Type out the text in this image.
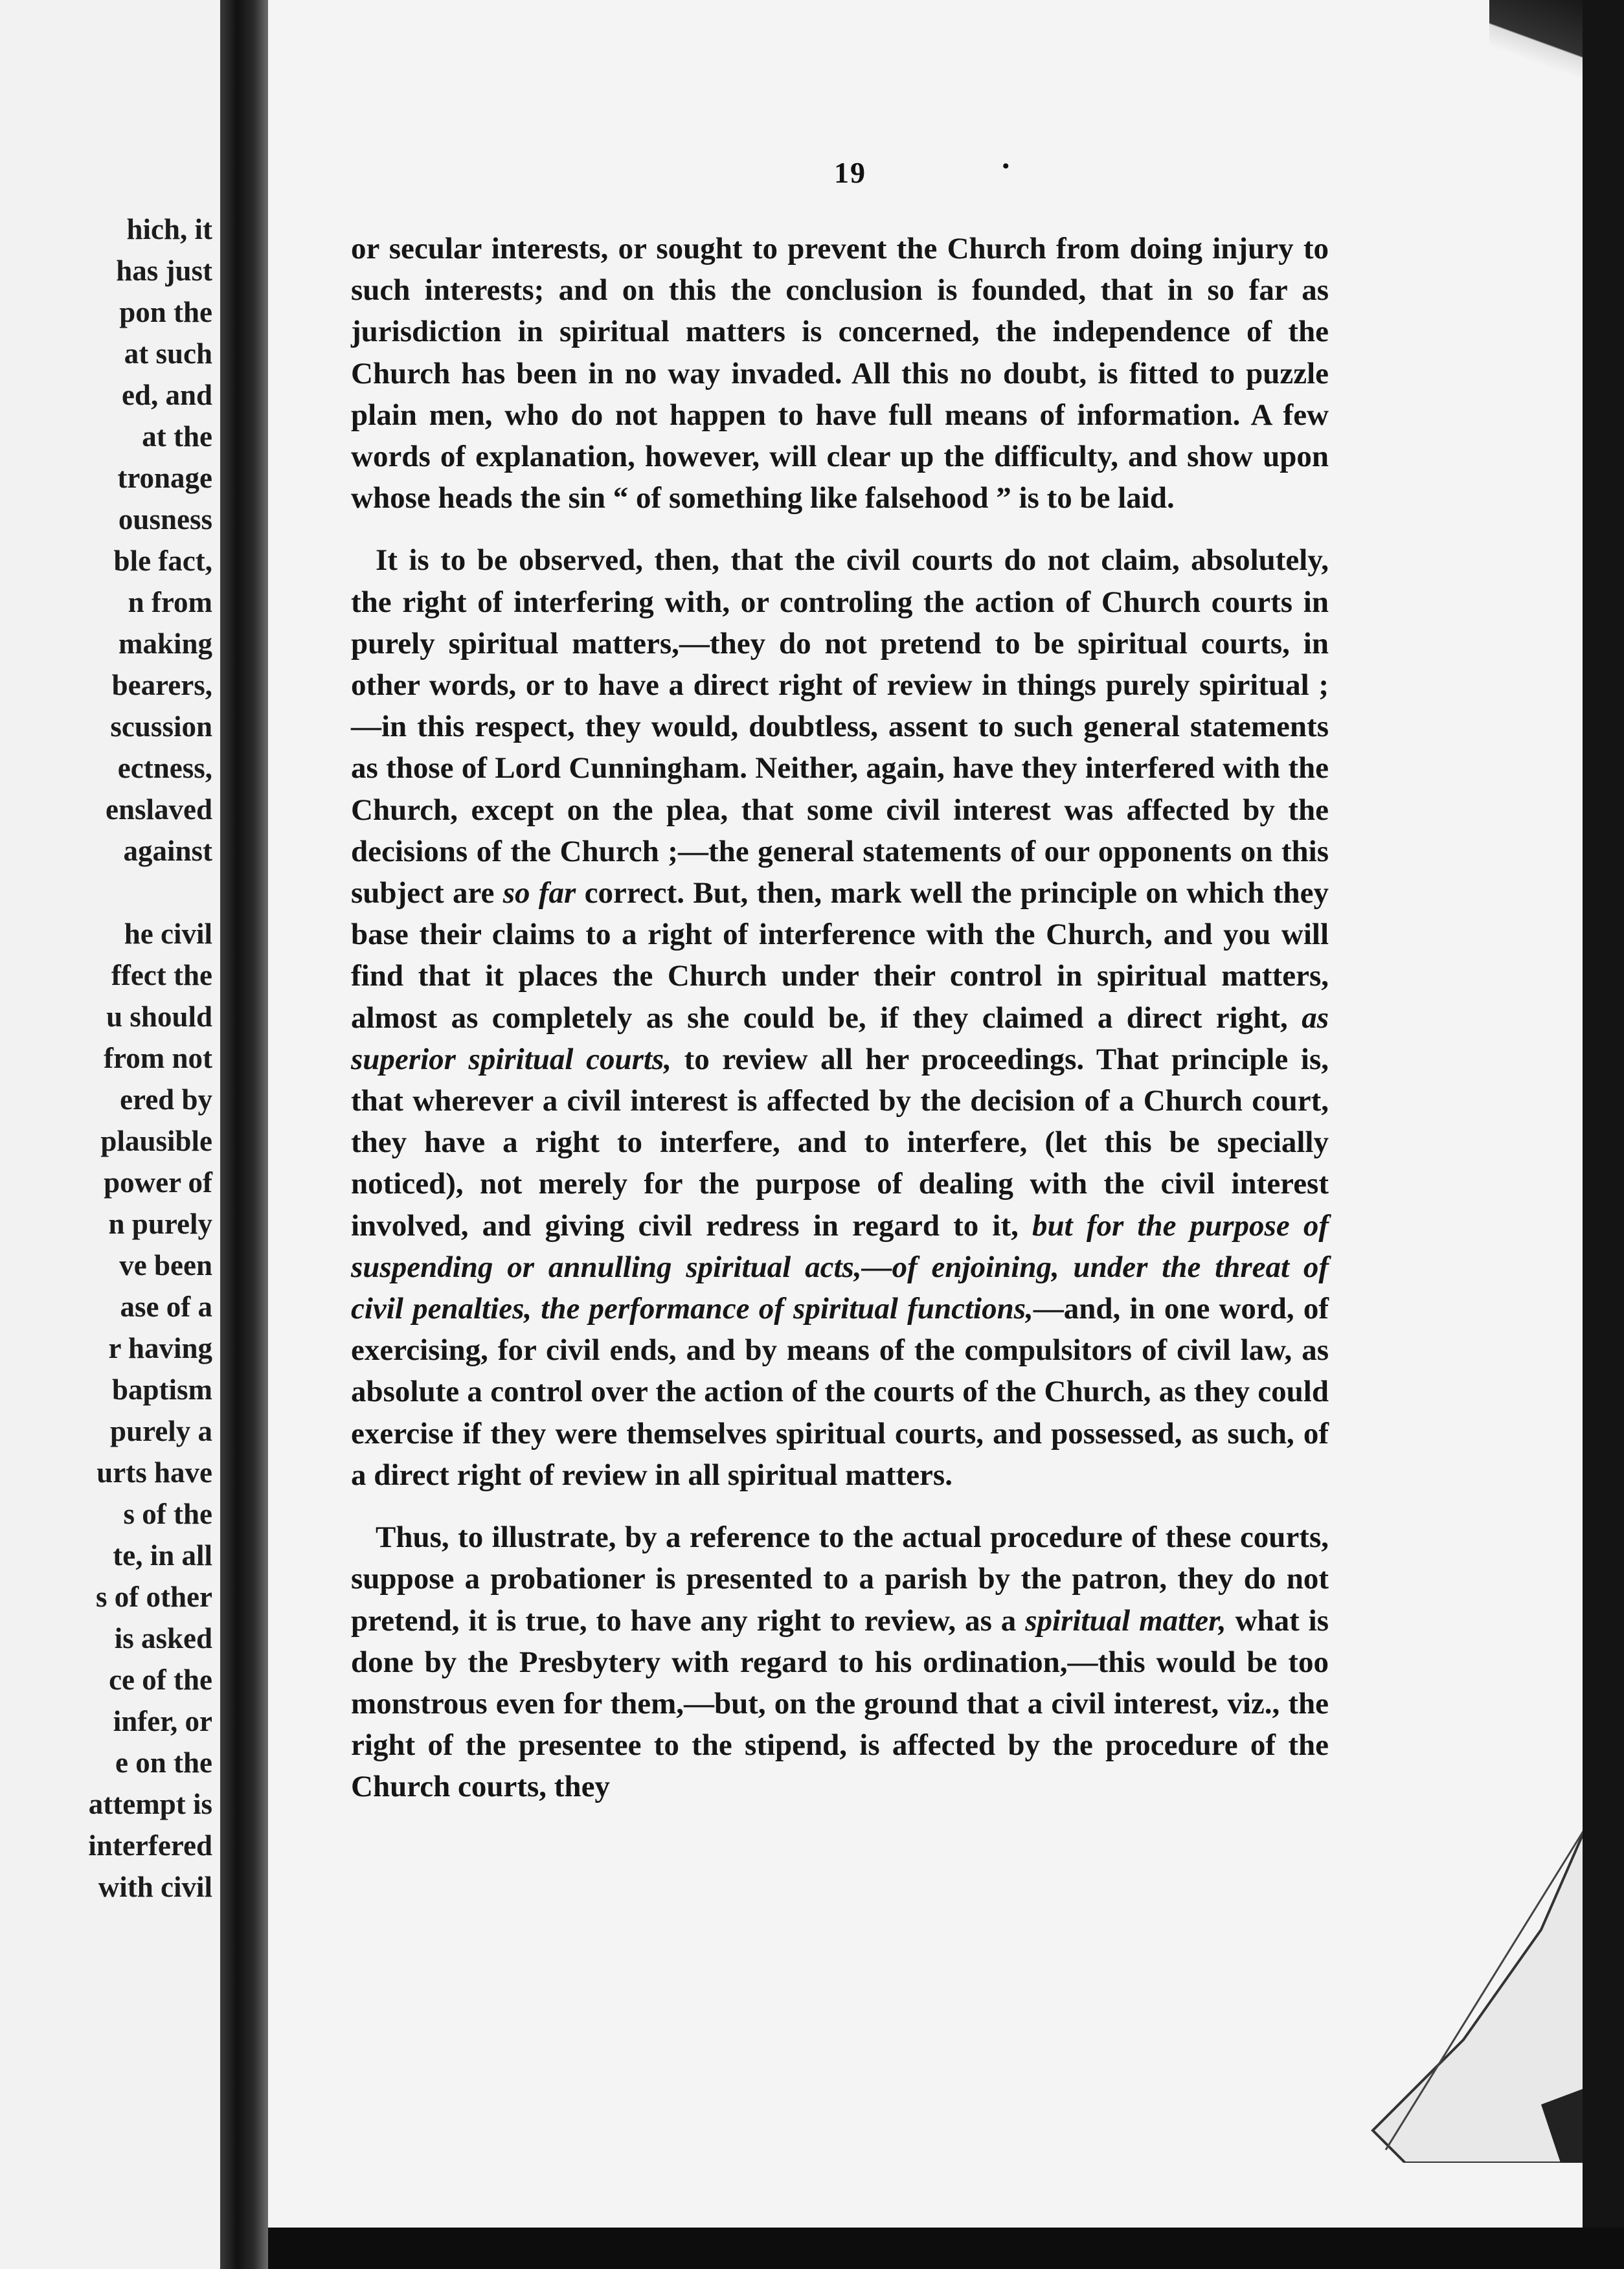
hich, it
has just
pon the
at such
ed, and
at the
tronage
ousness
ble fact,
n from
making
bearers,
scussion
ectness,
enslaved
against
he civil
ffect the
u should
from not
ered by
plausible
power of
n purely
ve been
ase of a
r having
baptism
purely a
urts have
s of the
te, in all
s of other
is asked
ce of the
infer, or
e on the
attempt is
interfered
with civil
19	•

or secular interests, or sought to prevent the Church from doing injury to such interests; and on this the conclusion is founded, that in so far as jurisdiction in spiritual matters is concerned, the independence of the Church has been in no way invaded. All this no doubt, is fitted to puzzle plain men, who do not happen to have full means of information. A few words of explanation, however, will clear up the difficulty, and show upon whose heads the sin “ of something like falsehood ” is to be laid.

It is to be observed, then, that the civil courts do not claim, absolutely, the right of interfering with, or controling the action of Church courts in purely spiritual matters,—they do not pretend to be spiritual courts, in other words, or to have a direct right of review in things purely spiritual ;—in this respect, they would, doubtless, assent to such general statements as those of Lord Cunningham. Neither, again, have they interfered with the Church, except on the plea, that some civil interest was affected by the decisions of the Church ;—the general statements of our opponents on this subject are so far correct. But, then, mark well the principle on which they base their claims to a right of interference with the Church, and you will find that it places the Church under their control in spiritual matters, almost as completely as she could be, if they claimed a direct right, as superior spiritual courts, to review all her proceedings. That principle is, that wherever a civil interest is affected by the decision of a Church court, they have a right to interfere, and to interfere, (let this be specially noticed), not merely for the purpose of dealing with the civil interest involved, and giving civil redress in regard to it, but for the purpose of suspending or annulling spiritual acts,—of enjoining, under the threat of civil penalties, the performance of spiritual functions,—and, in one word, of exercising, for civil ends, and by means of the compulsitors of civil law, as absolute a control over the action of the courts of the Church, as they could exercise if they were themselves spiritual courts, and possessed, as such, of a direct right of review in all spiritual matters.

Thus, to illustrate, by a reference to the actual procedure of these courts, suppose a probationer is presented to a parish by the patron, they do not pretend, it is true, to have any right to review, as a spiritual matter, what is done by the Presbytery with regard to his ordination,—this would be too monstrous even for them,—but, on the ground that a civil interest, viz., the right of the presentee to the stipend, is affected by the procedure of the Church courts, they
